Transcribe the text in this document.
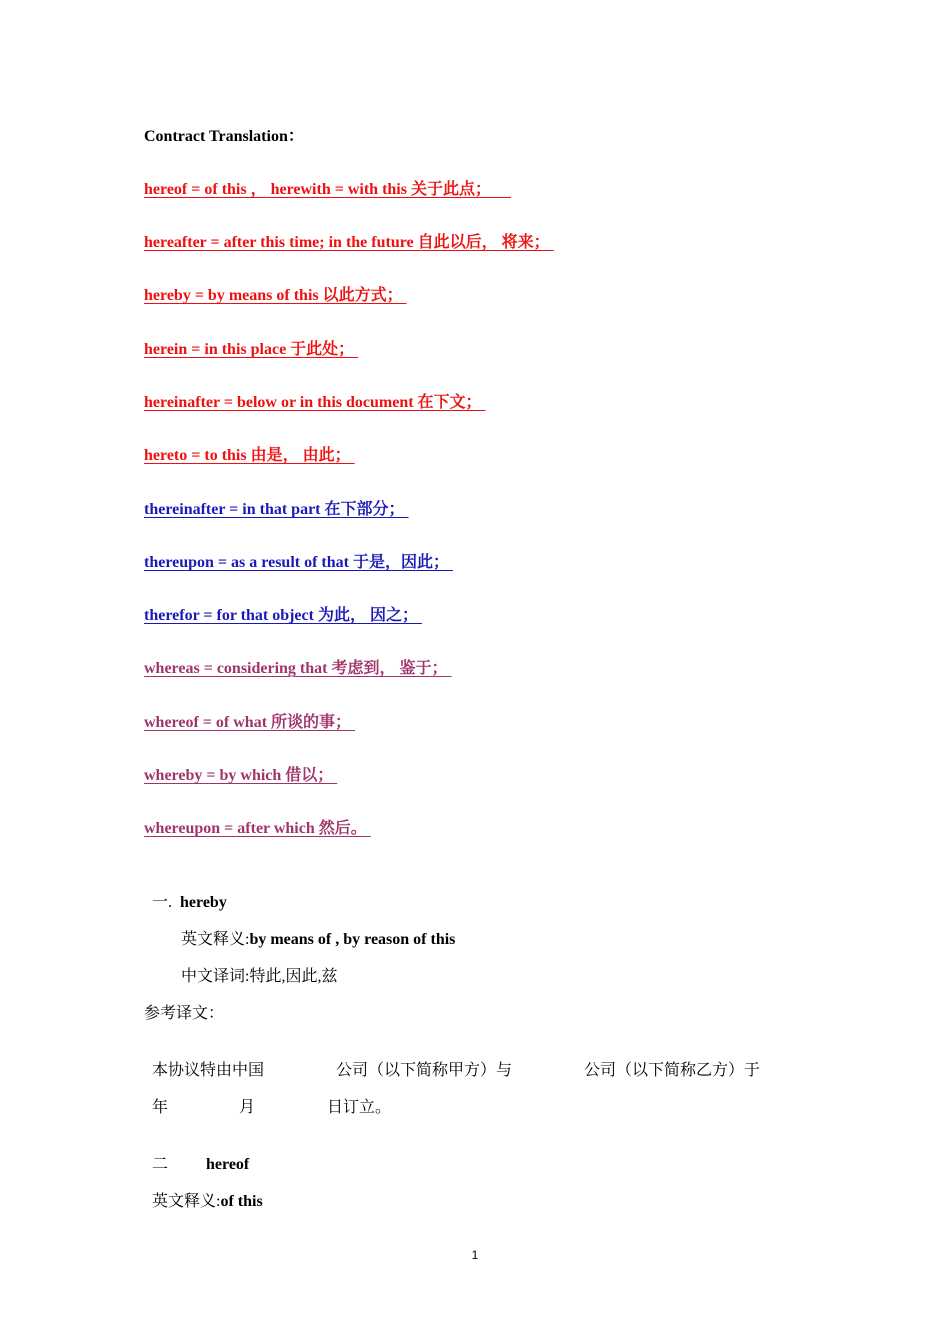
Contract Translation：
hereof = of this ， herewith = with this 关于此点；
hereafter = after this time; in the future 自此以后， 将来；
hereby = by means of this 以此方式；
herein = in this place 于此处；
hereinafter = below or in this document 在下文；
hereto = to this 由是， 由此；
thereinafter = in that part 在下部分；
thereupon = as a result of that 于是，因此；
therefor = for that object 为此， 因之；
whereas = considering that 考虑到， 鉴于；
whereof = of what 所谈的事；
whereby = by which 借以；
whereupon = after which 然后。

一. hereby

英文释义:by means of , by reason of this

中文译词:特此,因此,兹

参考译文：

本协议特由中国	公司（以下简称甲方）与	公司（以下简称乙方）于

年	月	日订立。

二 hereof

英文释义:of this

1
